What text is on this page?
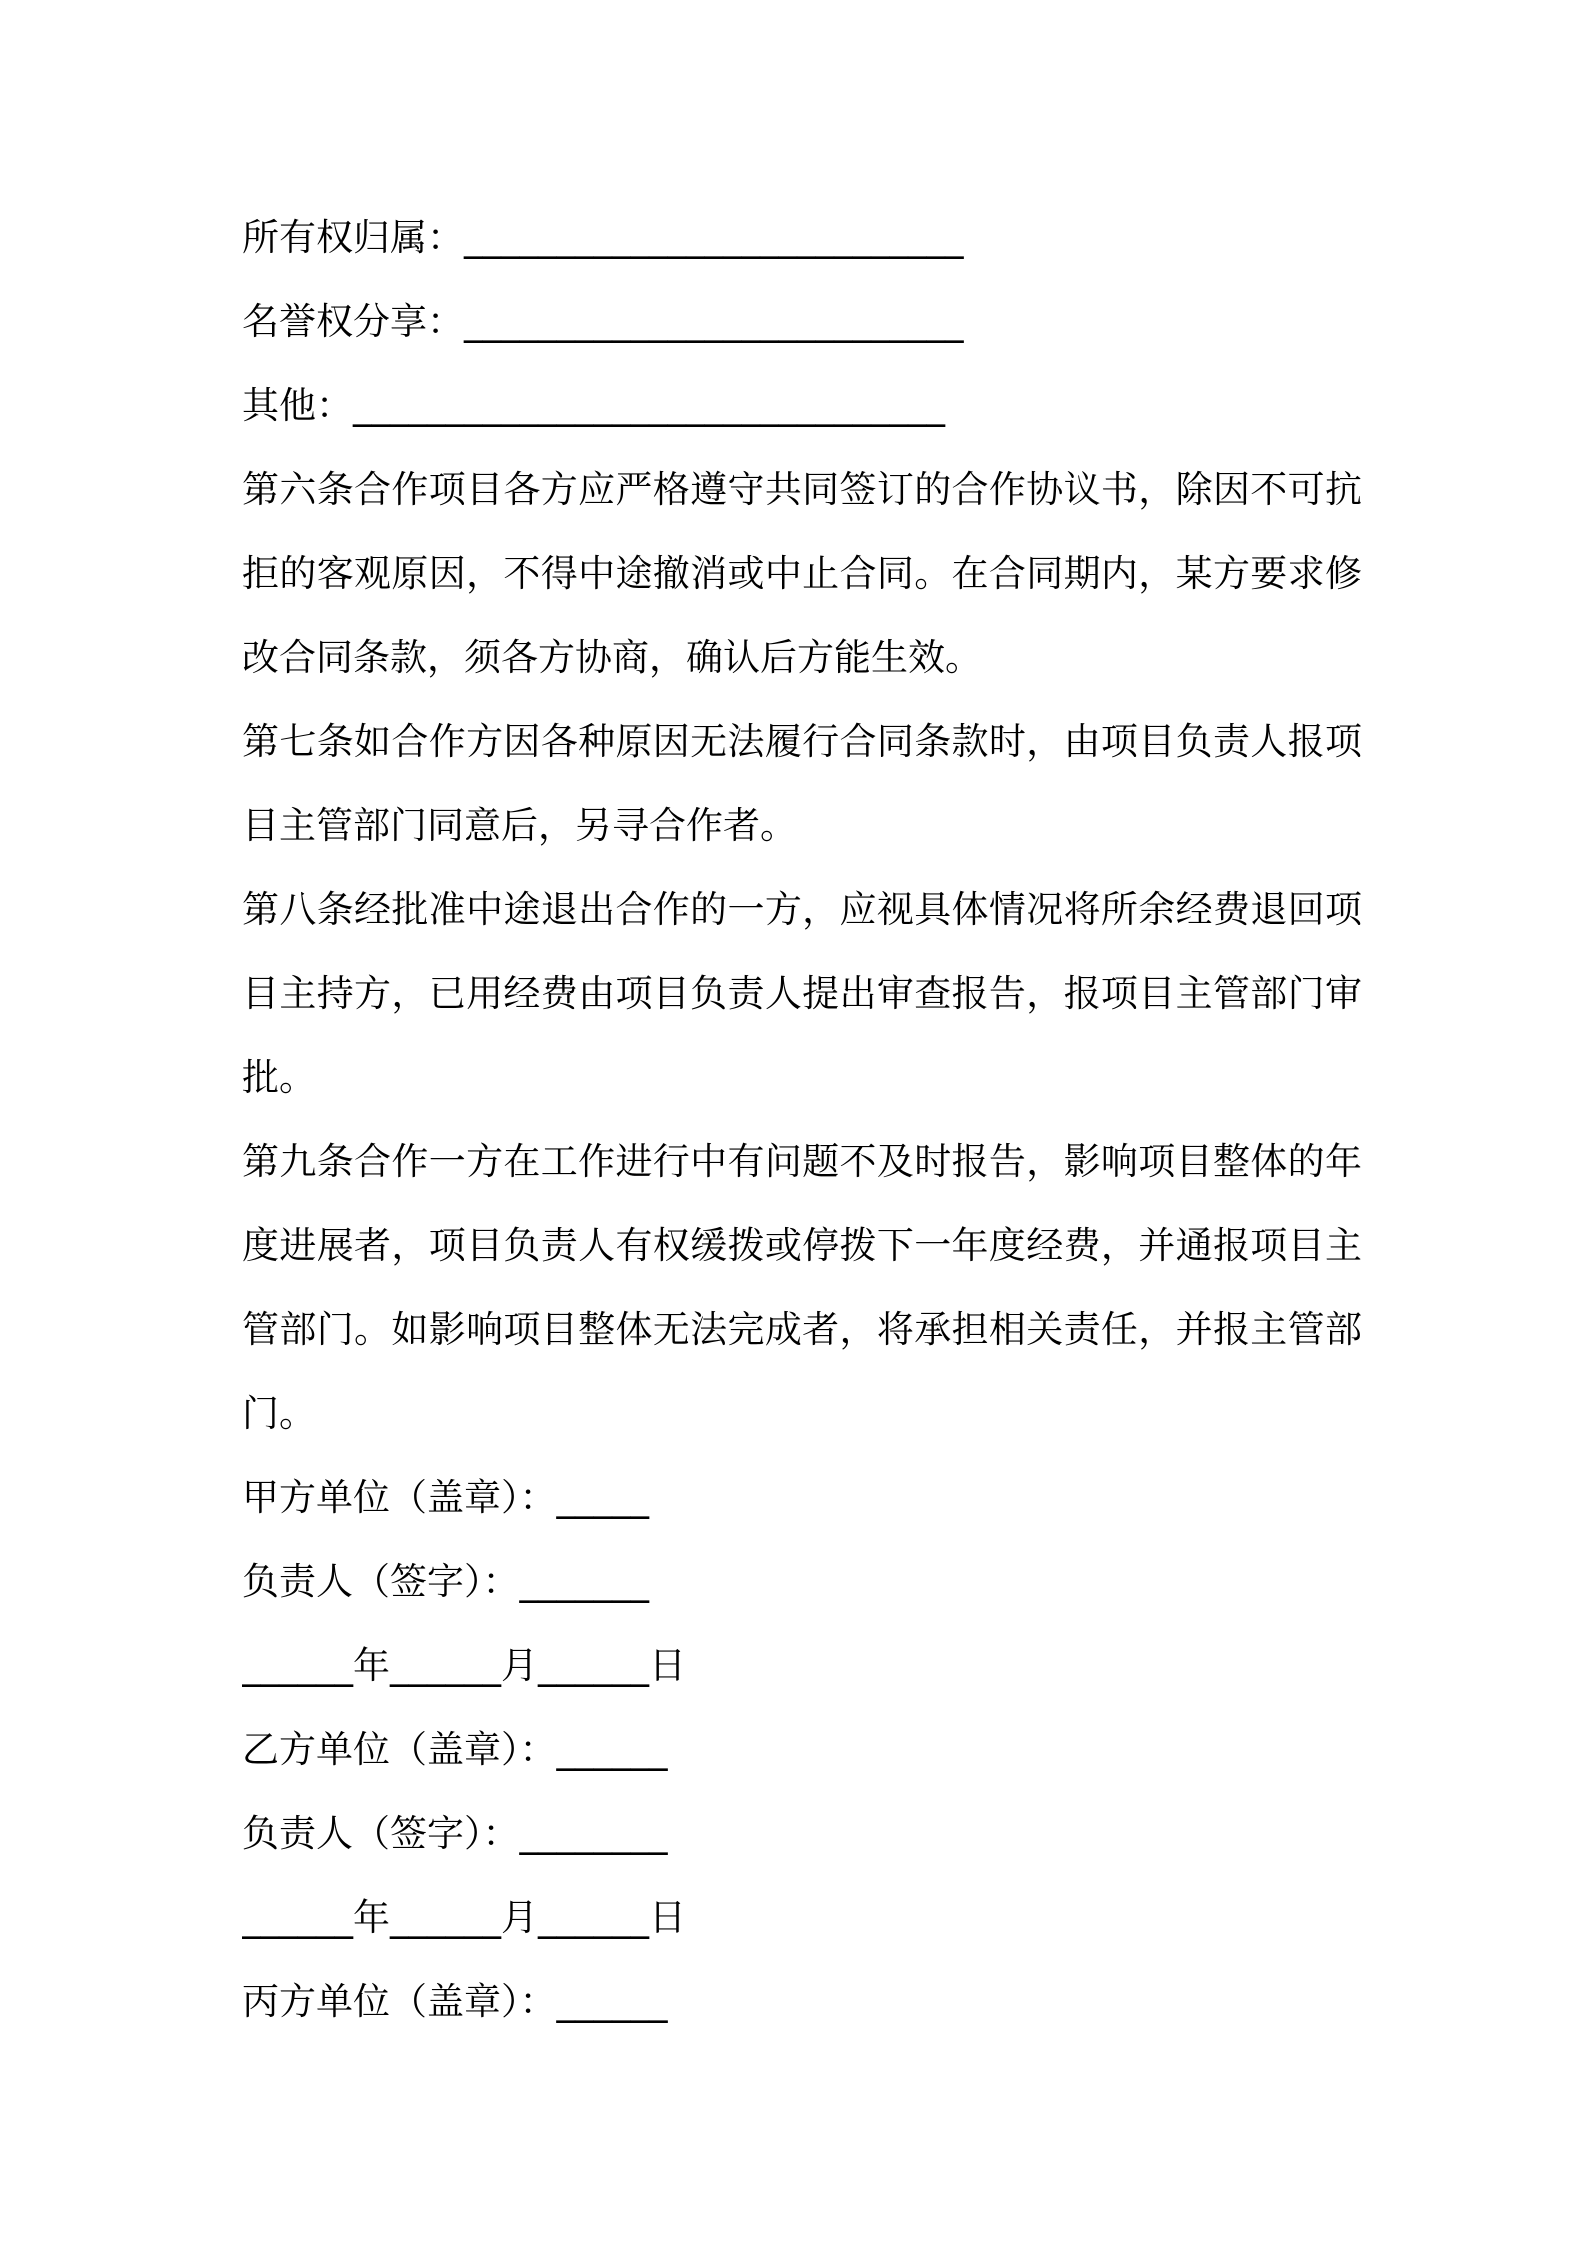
所有权归属：___________________________
名誉权分享：___________________________
其他：________________________________

第六条合作项目各方应严格遵守共同签订的合作协议书，除因不可抗拒的客观原因，不得中途撤消或中止合同。在合同期内，某方要求修改合同条款，须各方协商，确认后方能生效。

第七条如合作方因各种原因无法履行合同条款时，由项目负责人报项目主管部门同意后，另寻合作者。

第八条经批准中途退出合作的一方，应视具体情况将所余经费退回项目主持方，已用经费由项目负责人提出审查报告，报项目主管部门审批。

第九条合作一方在工作进行中有问题不及时报告，影响项目整体的年度进展者，项目负责人有权缓拨或停拨下一年度经费，并通报项目主管部门。如影响项目整体无法完成者，将承担相关责任，并报主管部门。

甲方单位（盖章）：_____
负责人（签字）：_______
______年______月______日
乙方单位（盖章）：______
负责人（签字）：________
______年______月______日
丙方单位（盖章）：______
